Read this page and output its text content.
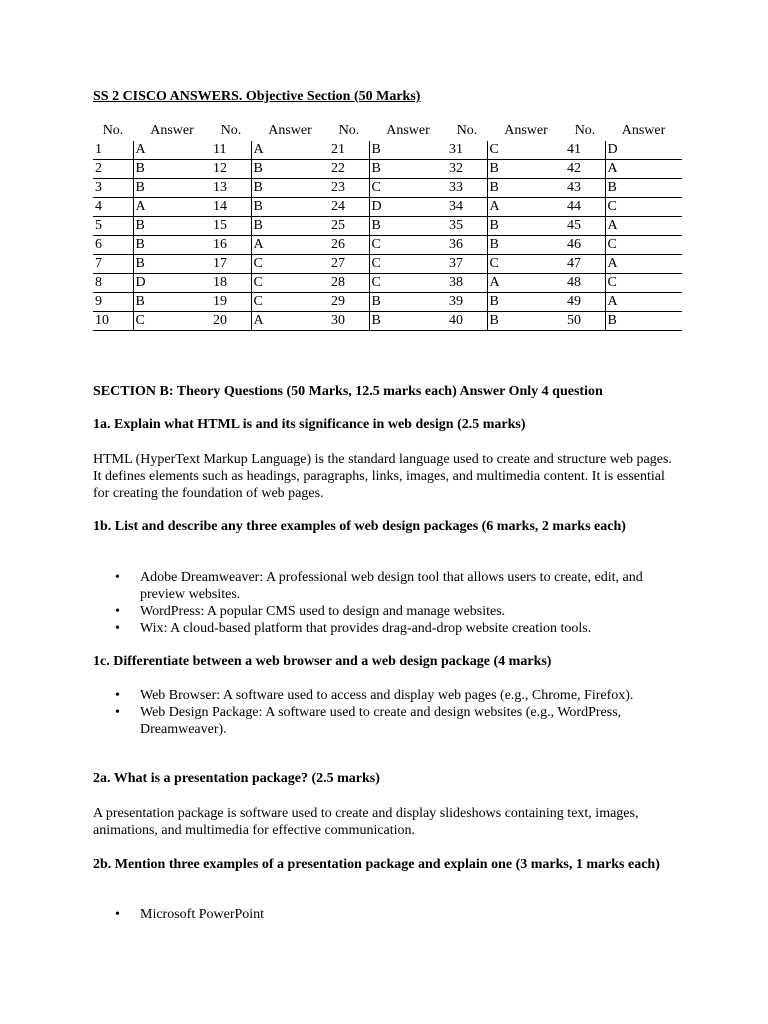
SS 2 CISCO ANSWERS. Objective Section (50 Marks)
No.	Answer	No.	Answer	No.	Answer	No.	Answer	No.	Answer
1	A	11	A	21	B	31	C	41	D
2	B	12	B	22	B	32	B	42	A
3	B	13	B	23	C	33	B	43	B
4	A	14	B	24	D	34	A	44	C
5	B	15	B	25	B	35	B	45	A
6	B	16	A	26	C	36	B	46	C
7	B	17	C	27	C	37	C	47	A
8	D	18	C	28	C	38	A	48	C
9	B	19	C	29	B	39	B	49	A
10	C	20	A	30	B	40	B	50	B

SECTION B: Theory Questions (50 Marks, 12.5 marks each) Answer Only 4 question

1a. Explain what HTML is and its significance in web design (2.5 marks)

HTML (HyperText Markup Language) is the standard language used to create and structure web pages. It defines elements such as headings, paragraphs, links, images, and multimedia content. It is essential for creating the foundation of web pages.

1b. List and describe any three examples of web design packages (6 marks, 2 marks each)

• Adobe Dreamweaver: A professional web design tool that allows users to create, edit, and preview websites.
• WordPress: A popular CMS used to design and manage websites.
• Wix: A cloud-based platform that provides drag-and-drop website creation tools.

1c. Differentiate between a web browser and a web design package (4 marks)

• Web Browser: A software used to access and display web pages (e.g., Chrome, Firefox).
• Web Design Package: A software used to create and design websites (e.g., WordPress, Dreamweaver).

2a. What is a presentation package? (2.5 marks)

A presentation package is software used to create and display slideshows containing text, images, animations, and multimedia for effective communication.

2b. Mention three examples of a presentation package and explain one (3 marks, 1 marks each)

• Microsoft PowerPoint
